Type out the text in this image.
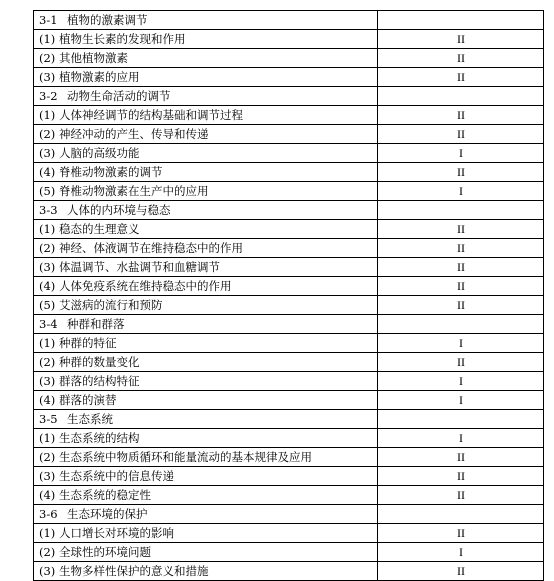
3-1 植物的激素调节	
(1) 植物生长素的发现和作用	II
(2) 其他植物激素	II
(3) 植物激素的应用	II
3-2 动物生命活动的调节	
(1) 人体神经调节的结构基础和调节过程	II
(2) 神经冲动的产生、传导和传递	II
(3) 人脑的高级功能	I
(4) 脊椎动物激素的调节	II
(5) 脊椎动物激素在生产中的应用	I
3-3 人体的内环境与稳态	
(1) 稳态的生理意义	II
(2) 神经、体液调节在维持稳态中的作用	II
(3) 体温调节、水盐调节和血糖调节	II
(4) 人体免疫系统在维持稳态中的作用	II
(5) 艾滋病的流行和预防	II
3-4 种群和群落	
(1) 种群的特征	I
(2) 种群的数量变化	II
(3) 群落的结构特征	I
(4) 群落的演替	I
3-5 生态系统	
(1) 生态系统的结构	I
(2) 生态系统中物质循环和能量流动的基本规律及应用	II
(3) 生态系统中的信息传递	II
(4) 生态系统的稳定性	II
3-6 生态环境的保护	
(1) 人口增长对环境的影响	II
(2) 全球性的环境问题	I
(3) 生物多样性保护的意义和措施	II
